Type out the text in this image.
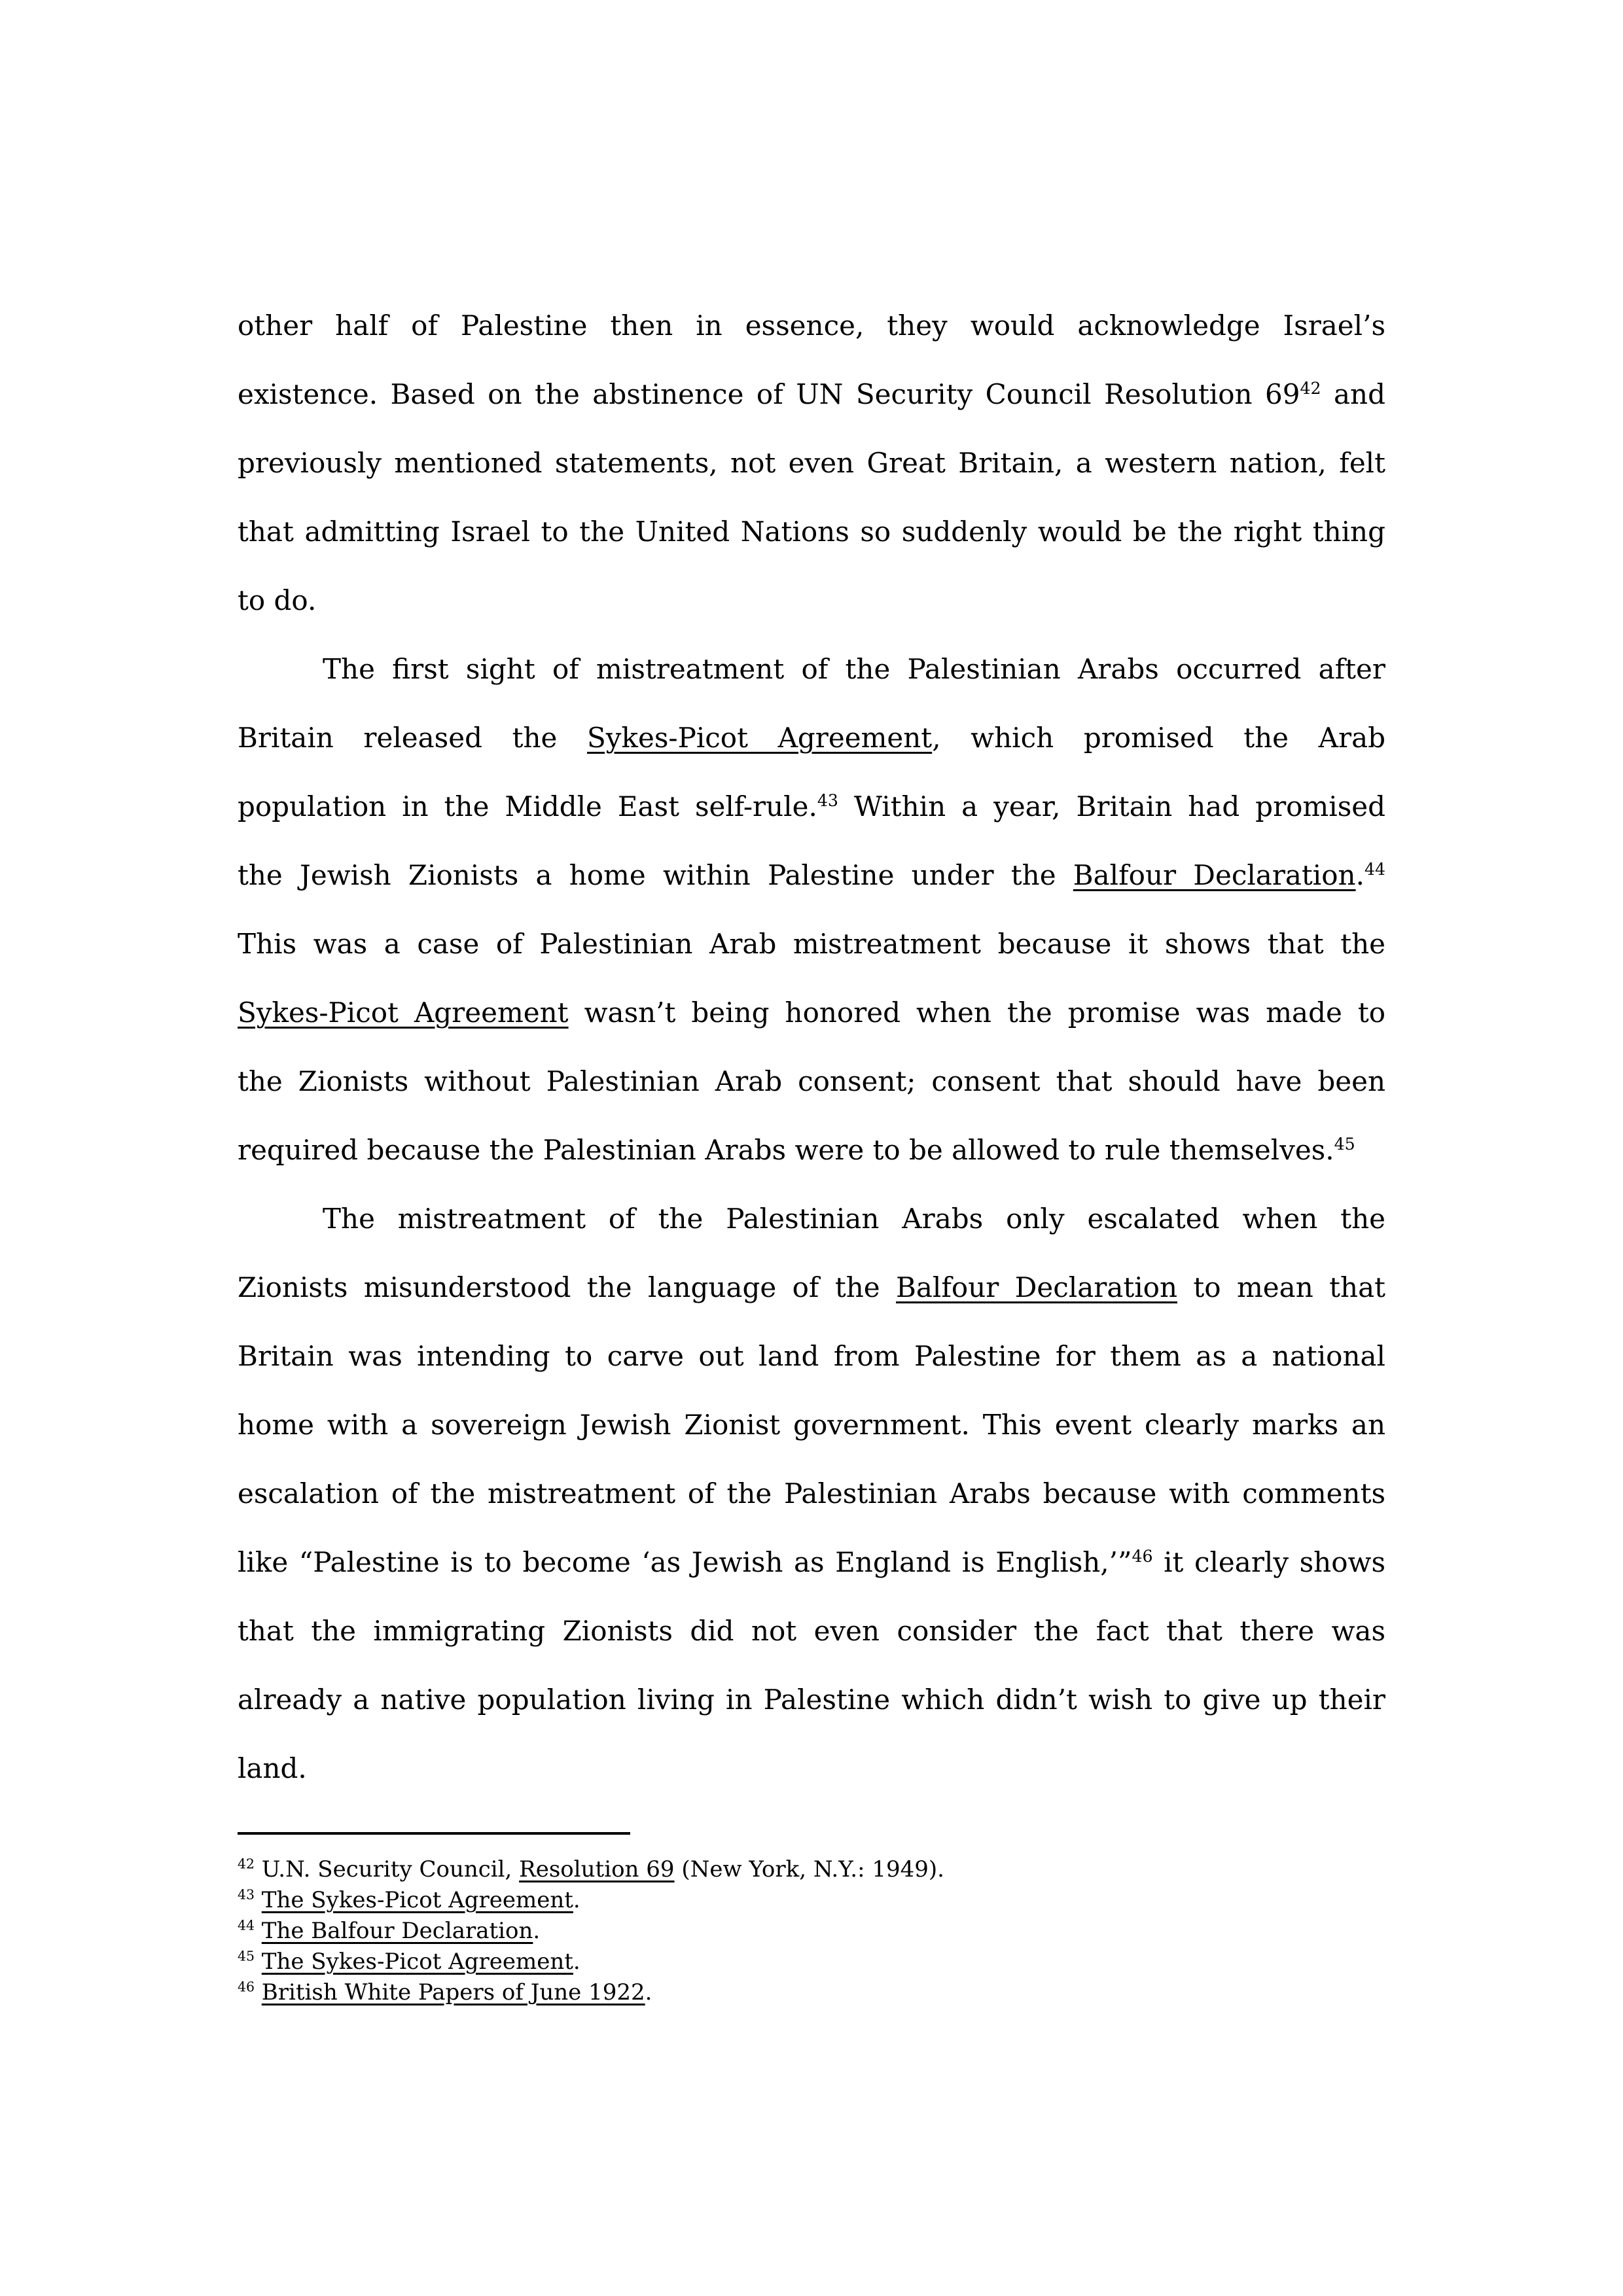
other half of Palestine then in essence, they would acknowledge Israel’s
existence. Based on the abstinence of UN Security Council Resolution $69^{42}$ and
previously mentioned statements, not even Great Britain, a western nation, felt
that admitting Israel to the United Nations so suddenly would be the right thing
to do.
The first sight of mistreatment of the Palestinian Arabs occurred after
Britain released the Sykes-Picot Agreement, which promised the Arab
population in the Middle East self-rule.$^{43}$ Within a year, Britain had promised
the Jewish Zionists a home within Palestine under the Balfour Declaration.$^{44}$
This was a case of Palestinian Arab mistreatment because it shows that the
Sykes-Picot Agreement wasn’t being honored when the promise was made to
the Zionists without Palestinian Arab consent; consent that should have been
required because the Palestinian Arabs were to be allowed to rule themselves.$^{45}$
The mistreatment of the Palestinian Arabs only escalated when the
Zionists misunderstood the language of the Balfour Declaration to mean that
Britain was intending to carve out land from Palestine for them as a national
home with a sovereign Jewish Zionist government. This event clearly marks an
escalation of the mistreatment of the Palestinian Arabs because with comments
like “Palestine is to become ‘as Jewish as England is English,’”$^{46}$ it clearly shows
that the immigrating Zionists did not even consider the fact that there was
already a native population living in Palestine which didn’t wish to give up their
land.
$^{42}$ U.N. Security Council, Resolution 69 (New York, N.Y.: 1949).
$^{43}$ The Sykes-Picot Agreement.
$^{44}$ The Balfour Declaration.
$^{45}$ The Sykes-Picot Agreement.
$^{46}$ British White Papers of June 1922.
